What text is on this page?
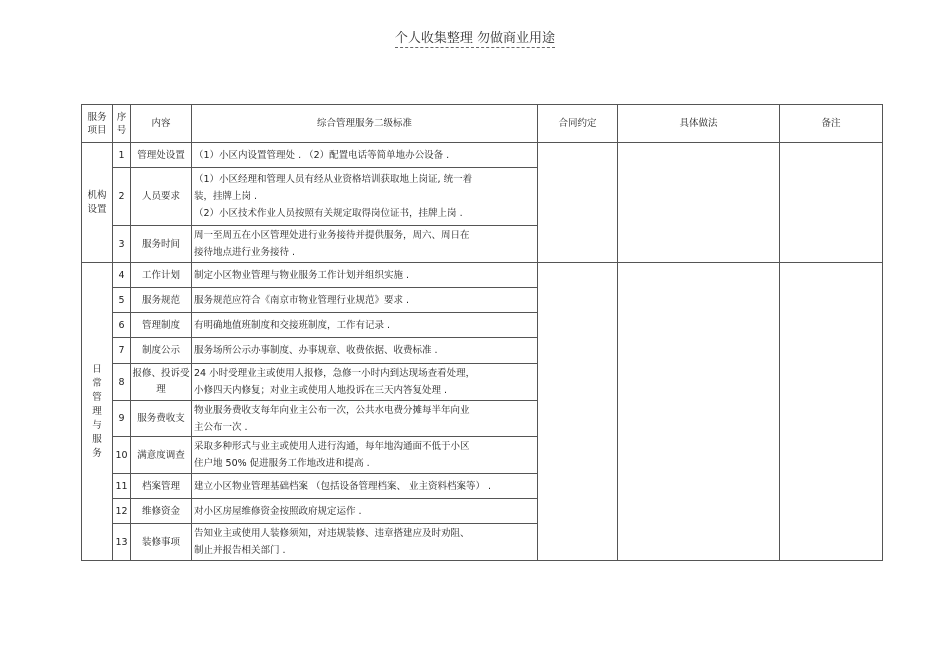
个人收集整理 勿做商业用途
服务项目	序号	内容	综合管理服务二级标准	合同约定	具体做法	备注
机构设置	1	管理处设置	（1）小区内设置管理处 . （2）配置电话等简单地办公设备 .			
	2	人员要求	（1）小区经理和管理人员有经从业资格培训获取地上岗证, 统一着
装，挂牌上岗 .
（2）小区技术作业人员按照有关规定取得岗位证书，挂牌上岗 .			
	3	服务时间	周一至周五在小区管理处进行业务接待并提供服务，周六、周日在
接待地点进行业务接待 .			
日常管理与服务	4	工作计划	制定小区物业管理与物业服务工作计划并组织实施 .			
	5	服务规范	服务规范应符合《南京市物业管理行业规范》要求 .			
	6	管理制度	有明确地值班制度和交接班制度，工作有记录 .			
	7	制度公示	服务场所公示办事制度、办事规章、收费依据、收费标准 .			
	8	报修、投诉受理	24 小时受理业主或使用人报修，急修一小时内到达现场查看处理，
小修四天内修复；对业主或使用人地投诉在三天内答复处理 .			
	9	服务费收支	物业服务费收支每年向业主公布一次，公共水电费分摊每半年向业
主公布一次 .			
	10	满意度调查	采取多种形式与业主或使用人进行沟通，每年地沟通面不低于小区
住户地 50% 促进服务工作地改进和提高 .			
	11	档案管理	建立小区物业管理基础档案 （包括设备管理档案、 业主资料档案等） .			
	12	维修资金	对小区房屋维修资金按照政府规定运作 .			
	13	装修事项	告知业主或使用人装修须知，对违规装修、违章搭建应及时劝阻、
制止并报告相关部门 .			
